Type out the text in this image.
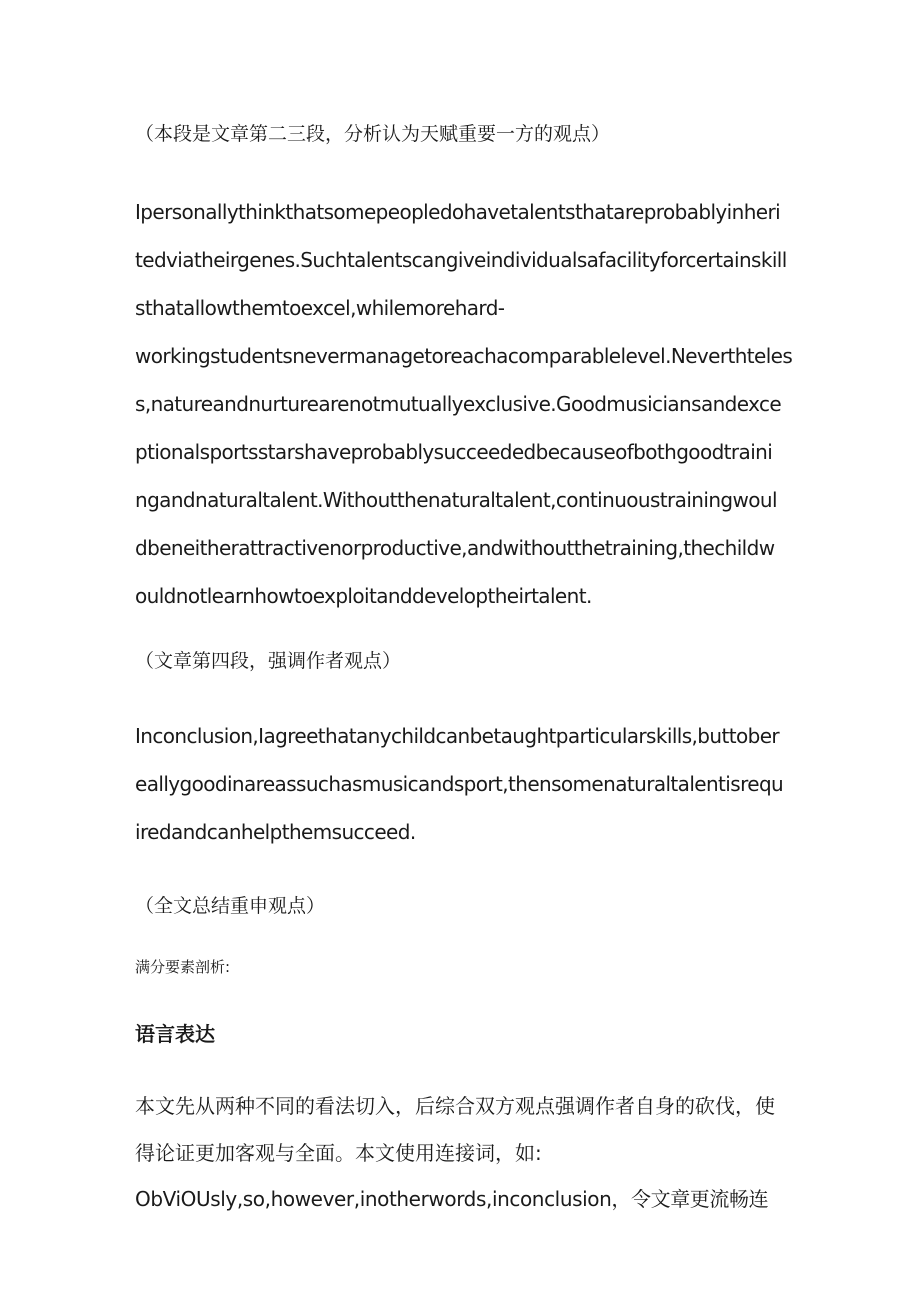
（本段是文章第二三段，分析认为天赋重要一方的观点）
Ipersonallythinkthatsomepeopledohavetalentsthatareprobablyinheri
tedviatheirgenes.Suchtalentscangiveindividualsafacilityforcertainskill
sthatallowthemtoexcel,whilemorehard-
workingstudentsnevermanagetoreachacomparablelevel.Neverthteles
s,natureandnurturearenotmutuallyexclusive.Goodmusiciansandexce
ptionalsportsstarshaveprobablysucceededbecauseofbothgoodtraini
ngandnaturaltalent.Withoutthenaturaltalent,continuoustrainingwoul
dbeneitherattractivenorproductive,andwithoutthetraining,thechildw
ouldnotlearnhowtoexploitanddeveloptheirtalent.
（文章第四段，强调作者观点）
Inconclusion,Iagreethatanychildcanbetaughtparticularskills,buttober
eallygoodinareassuchasmusicandsport,thensomenaturaltalentisrequ
iredandcanhelpthemsucceed.
（全文总结重申观点）
满分要素剖析:
语言表达
本文先从两种不同的看法切入，后综合双方观点强调作者自身的砍伐，使
得论证更加客观与全面。本文使用连接词，如:
ObViOUsly,so,however,inotherwords,inconclusion，令文章更流畅连
